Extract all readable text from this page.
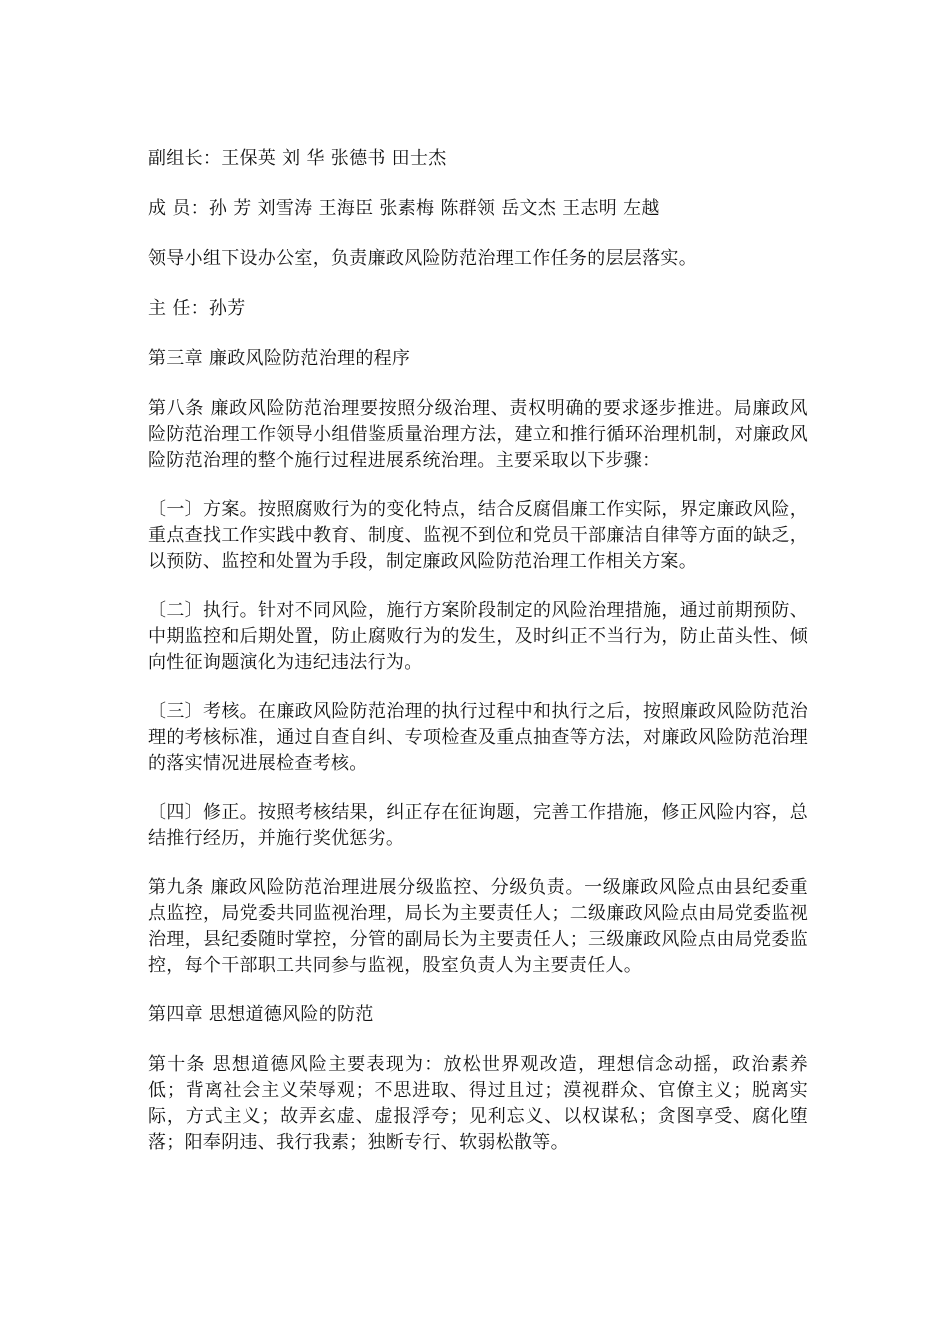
副组长：王保英 刘 华 张德书 田士杰

成 员：孙 芳 刘雪涛 王海臣 张素梅 陈群领 岳文杰 王志明 左越

领导小组下设办公室，负责廉政风险防范治理工作任务的层层落实。

主 任：孙芳

第三章 廉政风险防范治理的程序

第八条 廉政风险防范治理要按照分级治理、责权明确的要求逐步推进。局廉政风险防范治理工作领导小组借鉴质量治理方法，建立和推行循环治理机制，对廉政风险防范治理的整个施行过程进展系统治理。主要采取以下步骤：

〔一〕方案。按照腐败行为的变化特点，结合反腐倡廉工作实际，界定廉政风险，重点查找工作实践中教育、制度、监视不到位和党员干部廉洁自律等方面的缺乏，以预防、监控和处置为手段，制定廉政风险防范治理工作相关方案。

〔二〕执行。针对不同风险，施行方案阶段制定的风险治理措施，通过前期预防、中期监控和后期处置，防止腐败行为的发生，及时纠正不当行为，防止苗头性、倾向性征询题演化为违纪违法行为。

〔三〕考核。在廉政风险防范治理的执行过程中和执行之后，按照廉政风险防范治理的考核标准，通过自查自纠、专项检查及重点抽查等方法，对廉政风险防范治理的落实情况进展检查考核。

〔四〕修正。按照考核结果，纠正存在征询题，完善工作措施，修正风险内容，总结推行经历，并施行奖优惩劣。

第九条 廉政风险防范治理进展分级监控、分级负责。一级廉政风险点由县纪委重点监控，局党委共同监视治理，局长为主要责任人；二级廉政风险点由局党委监视治理，县纪委随时掌控，分管的副局长为主要责任人；三级廉政风险点由局党委监控，每个干部职工共同参与监视，股室负责人为主要责任人。

第四章 思想道德风险的防范

第十条 思想道德风险主要表现为：放松世界观改造，理想信念动摇，政治素养低；背离社会主义荣辱观；不思进取、得过且过；漠视群众、官僚主义；脱离实际，方式主义；故弄玄虚、虚报浮夸；见利忘义、以权谋私；贪图享受、腐化堕落；阳奉阴违、我行我素；独断专行、软弱松散等。
